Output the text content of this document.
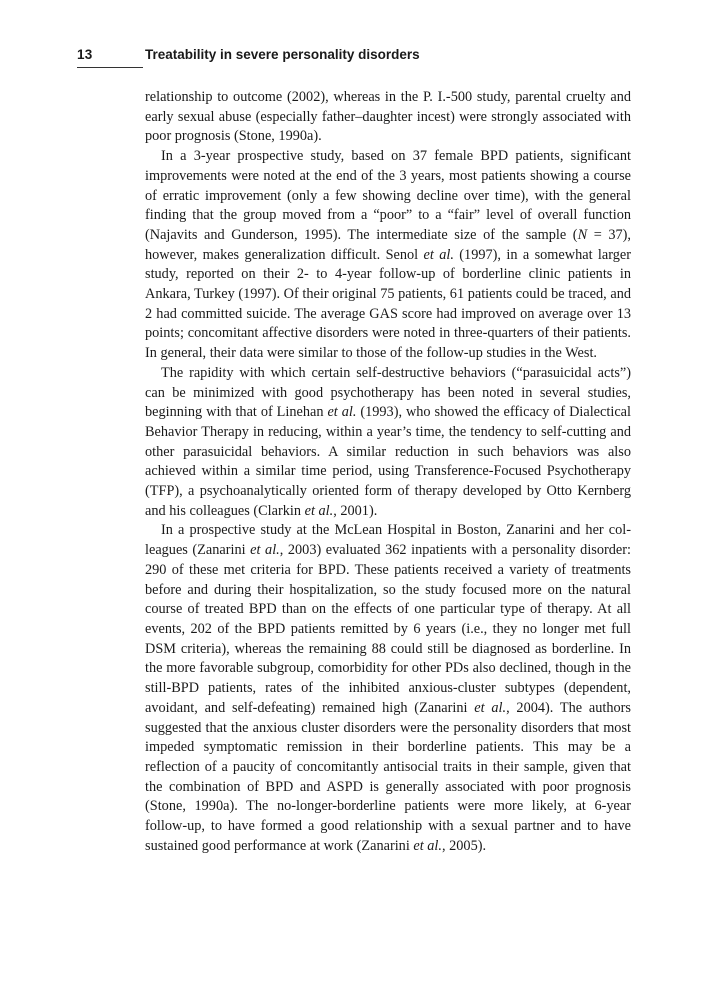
13	Treatability in severe personality disorders

relationship to outcome (2002), whereas in the P. I.-500 study, parental cruelty and early sexual abuse (especially father–daughter incest) were strongly associated with poor prognosis (Stone, 1990a).

In a 3-year prospective study, based on 37 female BPD patients, significant improvements were noted at the end of the 3 years, most patients showing a course of erratic improvement (only a few showing decline over time), with the general finding that the group moved from a “poor” to a “fair” level of overall function (Najavits and Gunderson, 1995). The intermediate size of the sample (N = 37), however, makes generalization difficult. Senol et al. (1997), in a somewhat larger study, reported on their 2- to 4-year follow-up of borderline clinic patients in Ankara, Turkey (1997). Of their original 75 patients, 61 patients could be traced, and 2 had committed suicide. The average GAS score had improved on average over 13 points; concomitant affective disorders were noted in three-quarters of their patients. In general, their data were similar to those of the follow-up studies in the West.

The rapidity with which certain self-destructive behaviors (“parasuicidal acts”) can be minimized with good psychotherapy has been noted in several studies, beginning with that of Linehan et al. (1993), who showed the efficacy of Dialectical Behavior Therapy in reducing, within a year’s time, the tendency to self-cutting and other parasuicidal behaviors. A similar reduction in such behaviors was also achieved within a similar time period, using Transference-Focused Psychotherapy (TFP), a psychoanalytically oriented form of therapy developed by Otto Kernberg and his colleagues (Clarkin et al., 2001).

In a prospective study at the McLean Hospital in Boston, Zanarini and her colleagues (Zanarini et al., 2003) evaluated 362 inpatients with a personality disorder: 290 of these met criteria for BPD. These patients received a variety of treatments before and during their hospitalization, so the study focused more on the natural course of treated BPD than on the effects of one particular type of therapy. At all events, 202 of the BPD patients remitted by 6 years (i.e., they no longer met full DSM criteria), whereas the remaining 88 could still be diagnosed as borderline. In the more favorable subgroup, comorbidity for other PDs also declined, though in the still-BPD patients, rates of the inhibited anxious-cluster subtypes (dependent, avoidant, and self-defeating) remained high (Zanarini et al., 2004). The authors suggested that the anxious cluster disorders were the personality disorders that most impeded symptomatic remission in their borderline patients. This may be a reflection of a paucity of concomitantly antisocial traits in their sample, given that the combination of BPD and ASPD is generally associated with poor prognosis (Stone, 1990a). The no-longer-borderline patients were more likely, at 6-year follow-up, to have formed a good relationship with a sexual partner and to have sustained good performance at work (Zanarini et al., 2005).
